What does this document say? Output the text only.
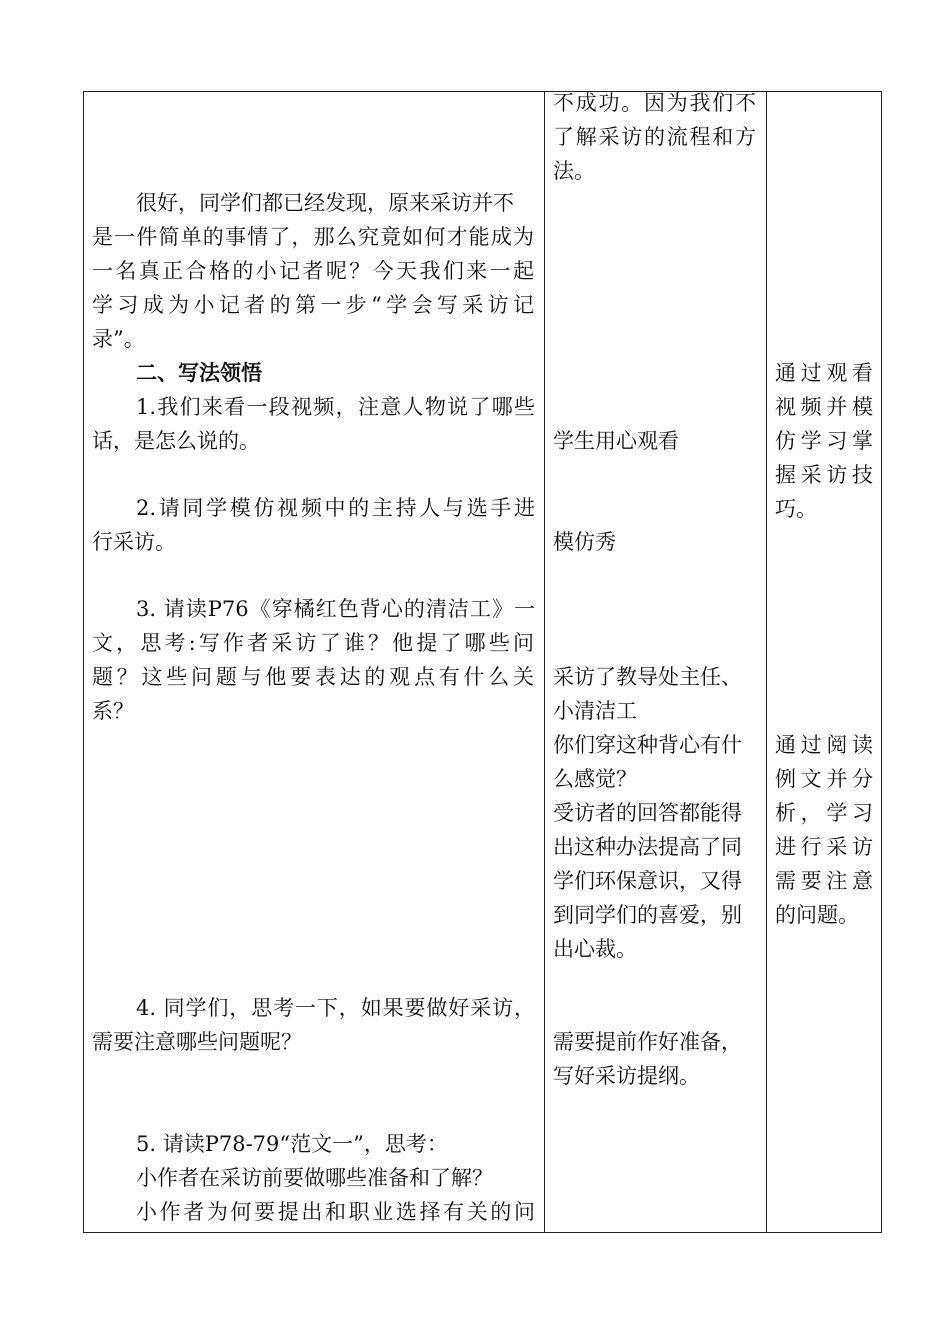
很好，同学们都已经发现，原来采访并不

是一件简单的事情了，那么究竟如何才能成为

一名真正合格的小记者呢？今天我们来一起

学习成为小记者的第一步“学会写采访记

录”。

二、写法领悟

1.我们来看一段视频，注意人物说了哪些

话，是怎么说的。

2.请同学模仿视频中的主持人与选手进

行采访。

3. 请读P76《穿橘红色背心的清洁工》一

文，思考:写作者采访了谁？他提了哪些问

题？这些问题与他要表达的观点有什么关

系？

4. 同学们，思考一下，如果要做好采访，

需要注意哪些问题呢？

5. 请读P78-79“范文一”，思考：

小作者在采访前要做哪些准备和了解？

小作者为何要提出和职业选择有关的问

不成功。因为我们不

了解采访的流程和方

法。

学生用心观看

模仿秀

采访了教导处主任、

小清洁工

你们穿这种背心有什

么感觉？

受访者的回答都能得

出这种办法提高了同

学们环保意识，又得

到同学们的喜爱，别

出心裁。

需要提前作好准备，

写好采访提纲。

通过观看

视频并模

仿学习掌

握采访技

巧。

通过阅读

例文并分

析，学习

进行采访

需要注意

的问题。
